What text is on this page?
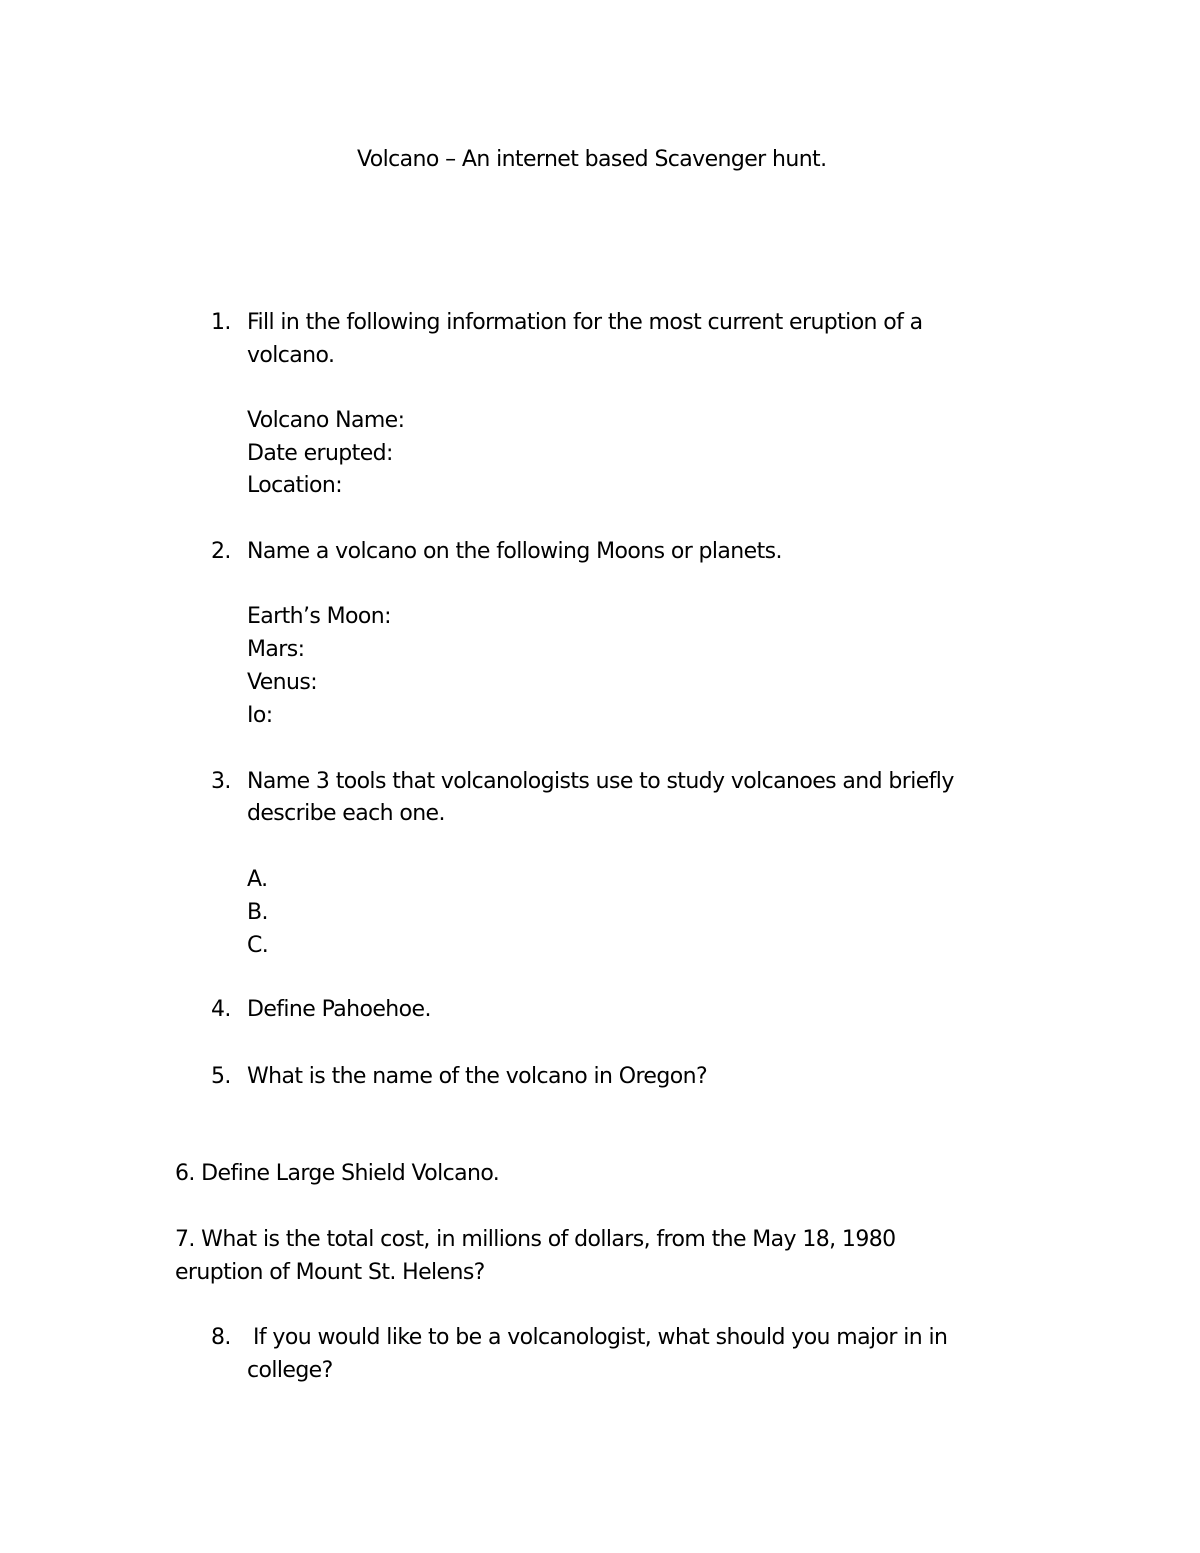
Volcano – An internet based Scavenger hunt.
1. Fill in the following information for the most current eruption of a
volcano.
Volcano Name:
Date erupted:
Location:
2. Name a volcano on the following Moons or planets.
Earth’s Moon:
Mars:
Venus:
Io:
3. Name 3 tools that volcanologists use to study volcanoes and briefly
describe each one.
A.
B.
C.
4. Define Pahoehoe.
5. What is the name of the volcano in Oregon?
6. Define Large Shield Volcano.
7. What is the total cost, in millions of dollars, from the May 18, 1980
eruption of Mount St. Helens?
8. If you would like to be a volcanologist, what should you major in in
college?
